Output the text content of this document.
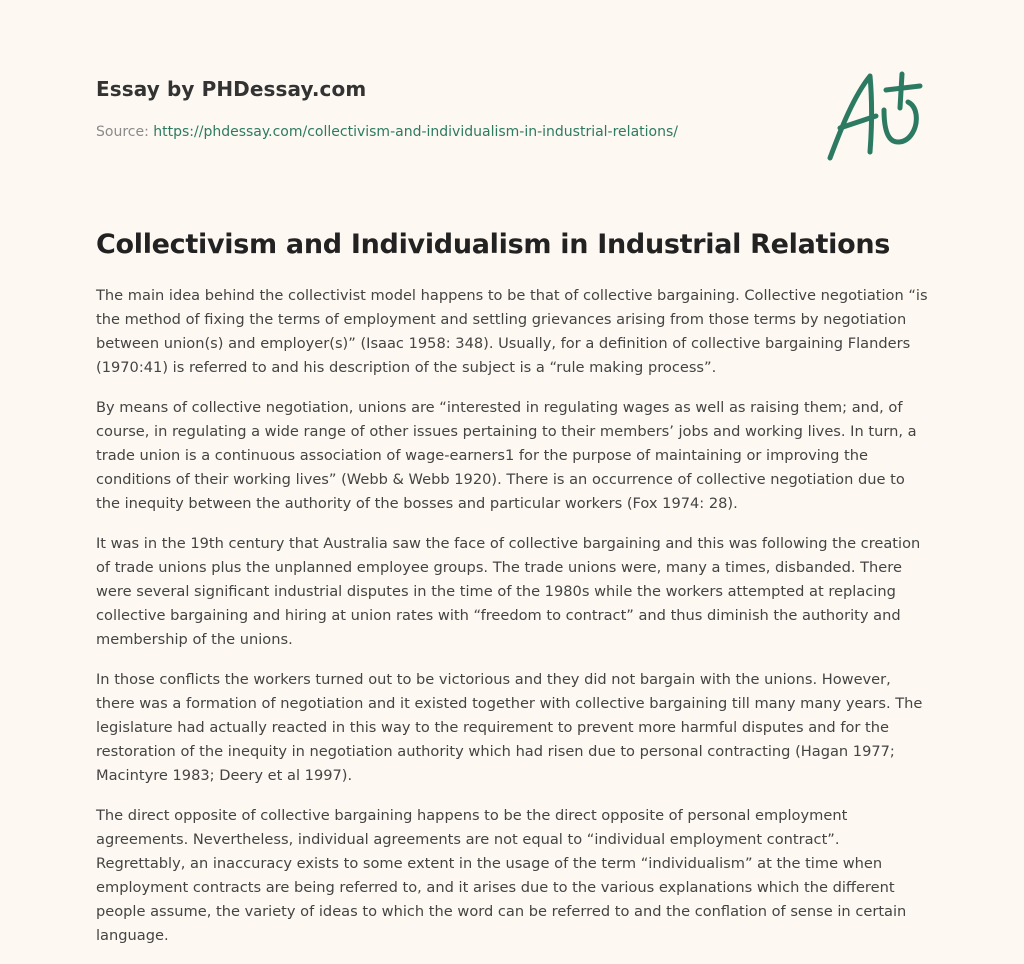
Essay by PHDessay.com
Source: https://phdessay.com/collectivism-and-individualism-in-industrial-relations/
Collectivism and Individualism in Industrial Relations

The main idea behind the collectivist model happens to be that of collective bargaining. Collective negotiation “is the method of fixing the terms of employment and settling grievances arising from those terms by negotiation between union(s) and employer(s)” (Isaac 1958: 348). Usually, for a definition of collective bargaining Flanders (1970:41) is referred to and his description of the subject is a “rule making process”.

By means of collective negotiation, unions are “interested in regulating wages as well as raising them; and, of course, in regulating a wide range of other issues pertaining to their members’ jobs and working lives. In turn, a trade union is a continuous association of wage-earners1 for the purpose of maintaining or improving the conditions of their working lives” (Webb & Webb 1920). There is an occurrence of collective negotiation due to the inequity between the authority of the bosses and particular workers (Fox 1974: 28).

It was in the 19th century that Australia saw the face of collective bargaining and this was following the creation of trade unions plus the unplanned employee groups. The trade unions were, many a times, disbanded. There were several significant industrial disputes in the time of the 1980s while the workers attempted at replacing collective bargaining and hiring at union rates with “freedom to contract” and thus diminish the authority and membership of the unions.

In those conflicts the workers turned out to be victorious and they did not bargain with the unions. However, there was a formation of negotiation and it existed together with collective bargaining till many many years. The legislature had actually reacted in this way to the requirement to prevent more harmful disputes and for the restoration of the inequity in negotiation authority which had risen due to personal contracting (Hagan 1977; Macintyre 1983; Deery et al 1997).

The direct opposite of collective bargaining happens to be the direct opposite of personal employment agreements. Nevertheless, individual agreements are not equal to “individual employment contract”. Regrettably, an inaccuracy exists to some extent in the usage of the term “individualism” at the time when employment contracts are being referred to, and it arises due to the various explanations which the different people assume, the variety of ideas to which the word can be referred to and the conflation of sense in certain language.
